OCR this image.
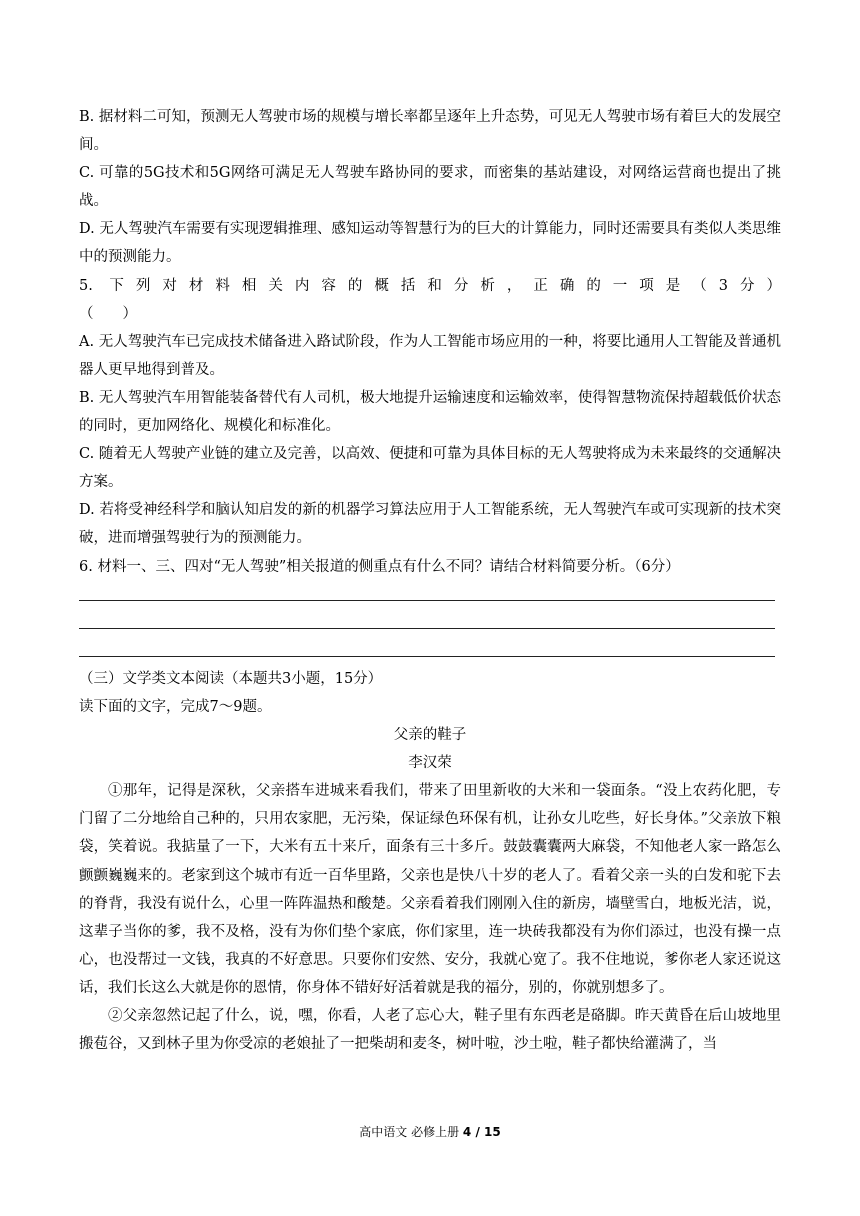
B. 据材料二可知，预测无人驾驶市场的规模与增长率都呈逐年上升态势，可见无人驾驶市场有着巨大的发展空间。

C. 可靠的5G技术和5G网络可满足无人驾驶车路协同的要求，而密集的基站建设，对网络运营商也提出了挑战。

D. 无人驾驶汽车需要有实现逻辑推理、感知运动等智慧行为的巨大的计算能力，同时还需要具有类似人类思维中的预测能力。

5. 下列对材料相关内容的概括和分析，正确的一项是（3分）

（　　）

A. 无人驾驶汽车已完成技术储备进入路试阶段，作为人工智能市场应用的一种，将要比通用人工智能及普通机器人更早地得到普及。

B. 无人驾驶汽车用智能装备替代有人司机，极大地提升运输速度和运输效率，使得智慧物流保持超载低价状态的同时，更加网络化、规模化和标准化。

C. 随着无人驾驶产业链的建立及完善，以高效、便捷和可靠为具体目标的无人驾驶将成为未来最终的交通解决方案。

D. 若将受神经科学和脑认知启发的新的机器学习算法应用于人工智能系统，无人驾驶汽车或可实现新的技术突破，进而增强驾驶行为的预测能力。

6. 材料一、三、四对“无人驾驶”相关报道的侧重点有什么不同？请结合材料简要分析。（6分）

（三）文学类文本阅读（本题共3小题，15分）

读下面的文字，完成7～9题。

父亲的鞋子

李汉荣

①那年，记得是深秋，父亲搭车进城来看我们，带来了田里新收的大米和一袋面条。“没上农药化肥，专门留了二分地给自己种的，只用农家肥，无污染，保证绿色环保有机，让孙女儿吃些，好长身体。”父亲放下粮袋，笑着说。我掂量了一下，大米有五十来斤，面条有三十多斤。鼓鼓囊囊两大麻袋，不知他老人家一路怎么颤颤巍巍来的。老家到这个城市有近一百华里路，父亲也是快八十岁的老人了。看着父亲一头的白发和驼下去的脊背，我没有说什么，心里一阵阵温热和酸楚。父亲看着我们刚刚入住的新房，墙壁雪白，地板光洁，说，这辈子当你的爹，我不及格，没有为你们垫个家底，你们家里，连一块砖我都没有为你们添过，也没有操一点心，也没帮过一文钱，我真的不好意思。只要你们安然、安分，我就心宽了。我不住地说，爹你老人家还说这话，我们长这么大就是你的恩情，你身体不错好好活着就是我的福分，别的，你就别想多了。

②父亲忽然记起了什么，说，嘿，你看，人老了忘心大，鞋子里有东西老是硌脚。昨天黄昏在后山坡地里搬苞谷，又到林子里为你受凉的老娘扯了一把柴胡和麦冬，树叶啦，沙土啦，鞋子都快给灌满了，当

高中语文 必修上册 4 / 15
